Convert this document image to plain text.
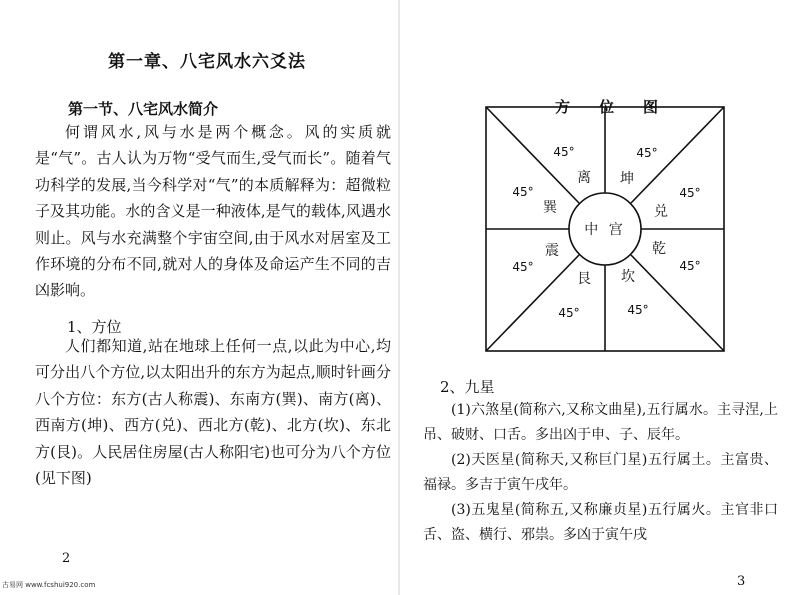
第一章、八宅风水六爻法
第一节、八宅风水简介
何谓风水,风与水是两个概念。风的实质就是“气”。古人认为万物“受气而生,受气而长”。随着气功科学的发展,当今科学对“气”的本质解释为：超微粒子及其功能。水的含义是一种液体,是气的载体,风遇水则止。风与水充满整个宇宙空间,由于风水对居室及工作环境的分布不同,就对人的身体及命运产生不同的吉凶影响。
1、方位
人们都知道,站在地球上任何一点,以此为中心,均可分出八个方位,以太阳出升的东方为起点,顺时针画分八个方位：东方(古人称震)、东南方(巽)、南方(离)、西南方(坤)、西方(兑)、西北方(乾)、北方(坎)、东北方(艮)。人民居住房屋(古人称阳宅)也可分为八个方位(见下图)
2
古易网 www.fcshui920.com
方位图
中 宫
离 坤
巽	兑
震	乾
艮 坎
45°	45°
45°	45°
45°	45°
45°	45°
2、九星

(1)六煞星(简称六,又称文曲星),五行属水。主寻涅,上吊、破财、口舌。多出凶于申、子、辰年。

(2)天医星(简称天,又称巨门星)五行属土。主富贵、福禄。多吉于寅午戌年。

(3)五鬼星(简称五,又称廉贞星)五行属火。主官非口舌、盗、横行、邪祟。多凶于寅午戌

3
